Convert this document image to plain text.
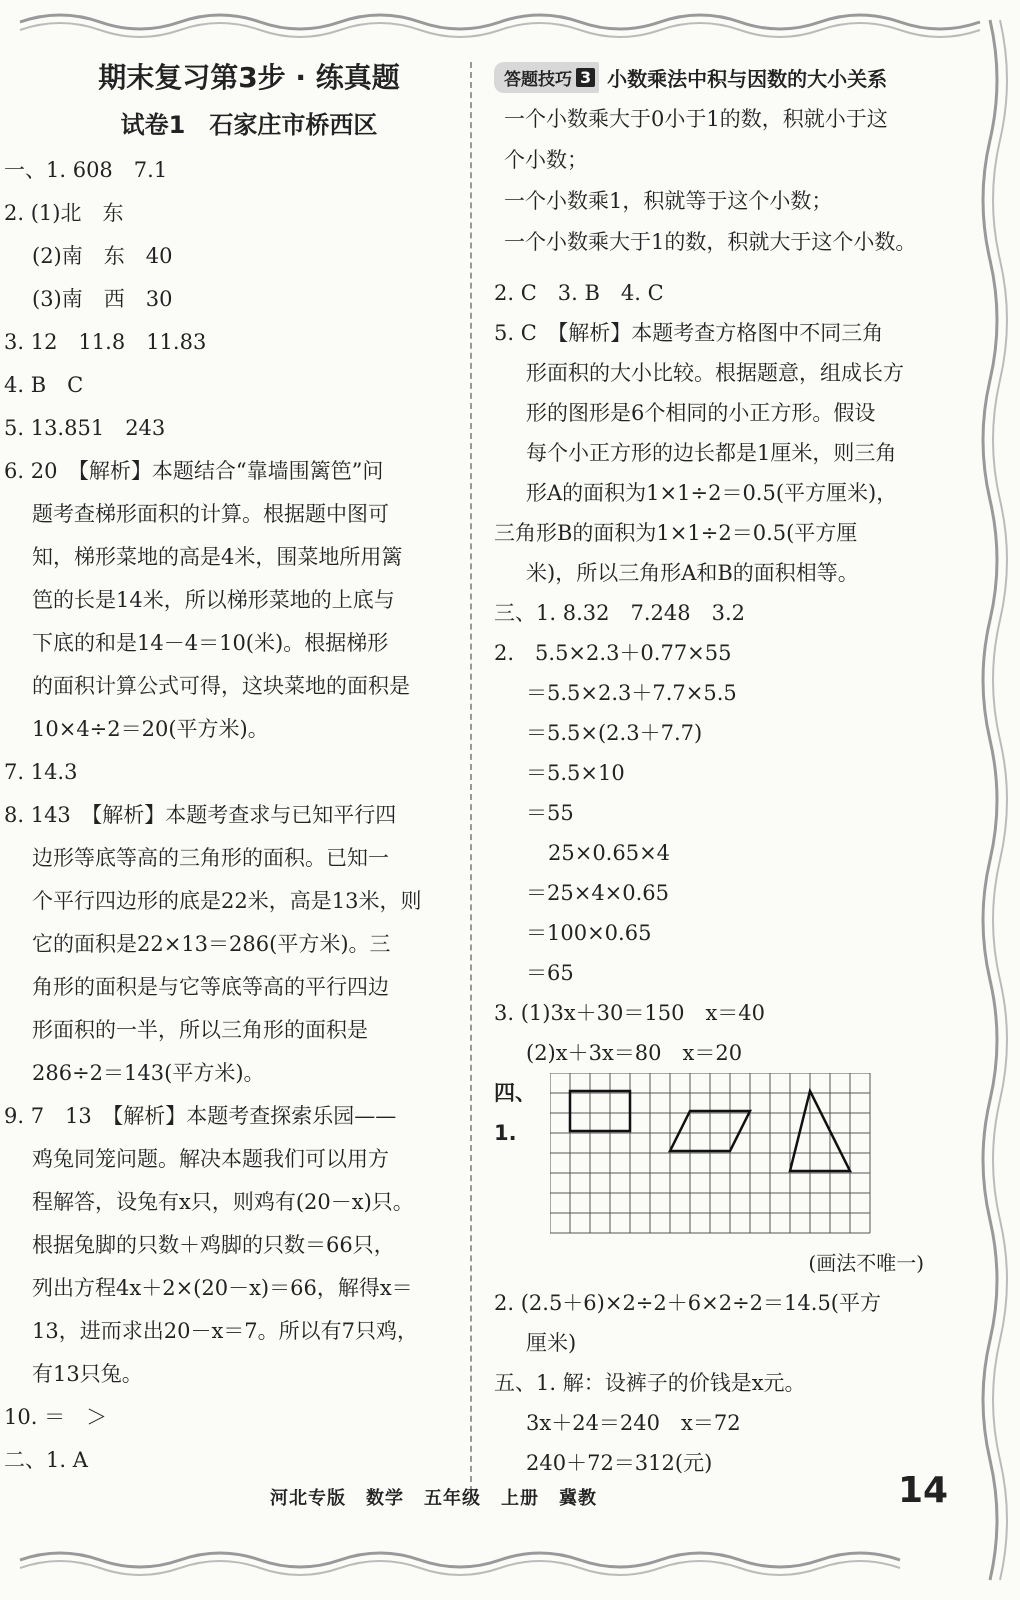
期末复习第3步 · 练真题
试卷1　石家庄市桥西区
一、1. 608　7.1
2. (1)北　东
(2)南　东　40
(3)南　西　30
3. 12　11.8　11.83
4. B　C
5. 13.851　243
6. 20　【解析】本题结合“靠墙围篱笆”问
题考查梯形面积的计算。根据题中图可
知，梯形菜地的高是4米，围菜地所用篱
笆的长是14米，所以梯形菜地的上底与
下底的和是14－4＝10(米)。根据梯形
的面积计算公式可得，这块菜地的面积是
10×4÷2＝20(平方米)。
7. 14.3
8. 143　【解析】本题考查求与已知平行四
边形等底等高的三角形的面积。已知一
个平行四边形的底是22米，高是13米，则
它的面积是22×13＝286(平方米)。三
角形的面积是与它等底等高的平行四边
形面积的一半，所以三角形的面积是
286÷2＝143(平方米)。
9. 7　13　【解析】本题考查探索乐园——
鸡兔同笼问题。解决本题我们可以用方
程解答，设兔有x只，则鸡有(20－x)只。
根据兔脚的只数＋鸡脚的只数＝66只，
列出方程4x＋2×(20－x)＝66，解得x＝
13，进而求出20－x＝7。所以有7只鸡，
有13只兔。
10. ＝　＞
二、1. A
答题技巧 3 小数乘法中积与因数的大小关系
一个小数乘大于0小于1的数，积就小于这
个小数；
一个小数乘1，积就等于这个小数；
一个小数乘大于1的数，积就大于这个小数。
2. C　3. B　4. C
5. C　【解析】本题考查方格图中不同三角
形面积的大小比较。根据题意，组成长方
形的图形是6个相同的小正方形。假设
每个小正方形的边长都是1厘米，则三角
形A的面积为1×1÷2＝0.5(平方厘米)，
三角形B的面积为1×1÷2＝0.5(平方厘
米)，所以三角形A和B的面积相等。
三、1. 8.32　7.248　3.2
2.　5.5×2.3＋0.77×55
＝5.5×2.3＋7.7×5.5
＝5.5×(2.3＋7.7)
＝5.5×10
＝55
25×0.65×4
＝25×4×0.65
＝100×0.65
＝65
3. (1)3x＋30＝150　x＝40
(2)x＋3x＝80　x＝20
四、1.
(画法不唯一)
2. (2.5＋6)×2÷2＋6×2÷2＝14.5(平方
厘米)
五、1. 解：设裤子的价钱是x元。
3x＋24＝240　x＝72
240＋72＝312(元)
河北专版 数学 五年级 上册 冀教	14
